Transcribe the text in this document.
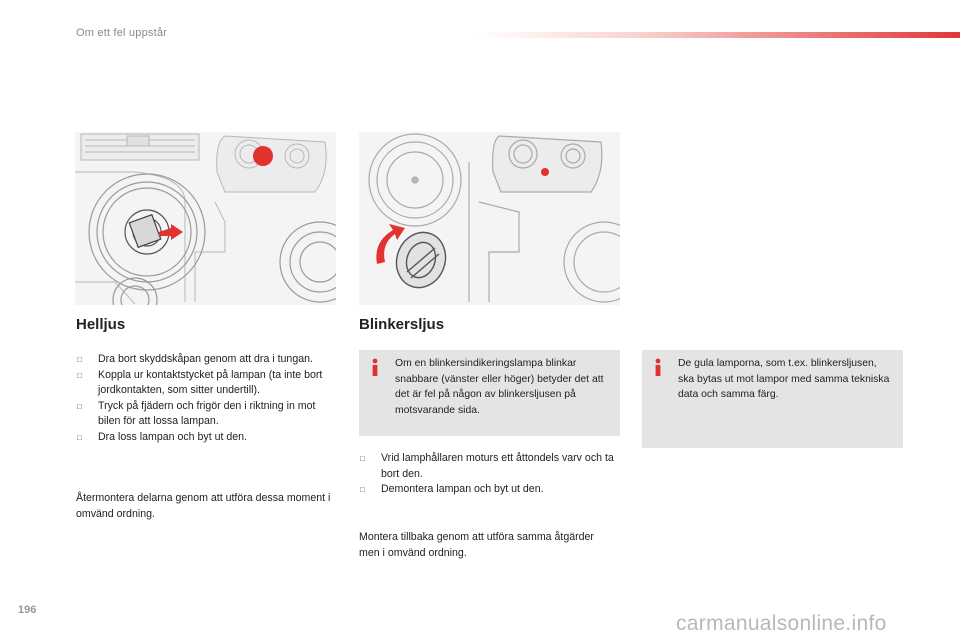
Om ett fel uppstår
Helljus
□ Dra bort skyddskåpan genom att dra i tungan.
□ Koppla ur kontaktstycket på lampan (ta inte bort jordkontakten, som sitter undertill).
□ Tryck på fjädern och frigör den i riktning in mot bilen för att lossa lampan.
□ Dra loss lampan och byt ut den.
Återmontera delarna genom att utföra dessa moment i omvänd ordning.
Blinkersljus
Om en blinkersindikeringslampa blinkar snabbare (vänster eller höger) betyder det att det är fel på någon av blinkersljusen på motsvarande sida.
□ Vrid lamphållaren moturs ett åttondels varv och ta bort den.
□ Demontera lampan och byt ut den.
Montera tillbaka genom att utföra samma åtgärder men i omvänd ordning.
De gula lamporna, som t.ex. blinkersljusen, ska bytas ut mot lampor med samma tekniska data och samma färg.
196
carmanualsonline.info
